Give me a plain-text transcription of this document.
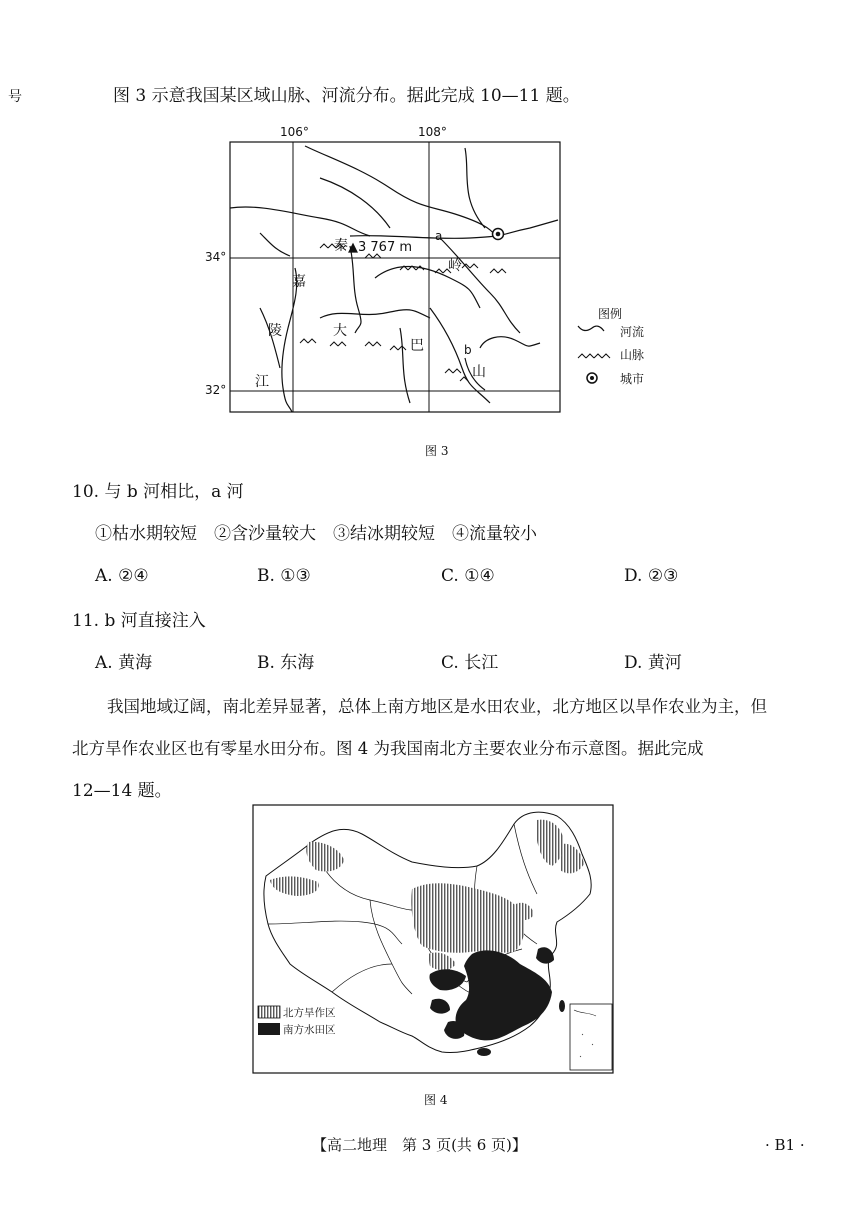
号	图 3 示意我国某区域山脉、河流分布。据此完成 10—11 题。
106°	108°
34°
32°
▲3 767 m
a
b
秦
岭
嘉
陵
江
大
巴
山
图例
河流
山脉
城市
图 3
10. 与 b 河相比，a 河
①枯水期较短　②含沙量较大　③结冰期较短　④流量较小
A. ②④	B. ①③	C. ①④	D. ②③
11. b 河直接注入
A. 黄海	B. 东海	C. 长江	D. 黄河
我国地域辽阔，南北差异显著，总体上南方地区是水田农业，北方地区以旱作农业为主，但
北方旱作农业区也有零星水田分布。图 4 为我国南北方主要农业分布示意图。据此完成
12—14 题。
北方旱作区
南方水田区
图 4
【高二地理　第 3 页(共 6 页)】	· B1 ·
